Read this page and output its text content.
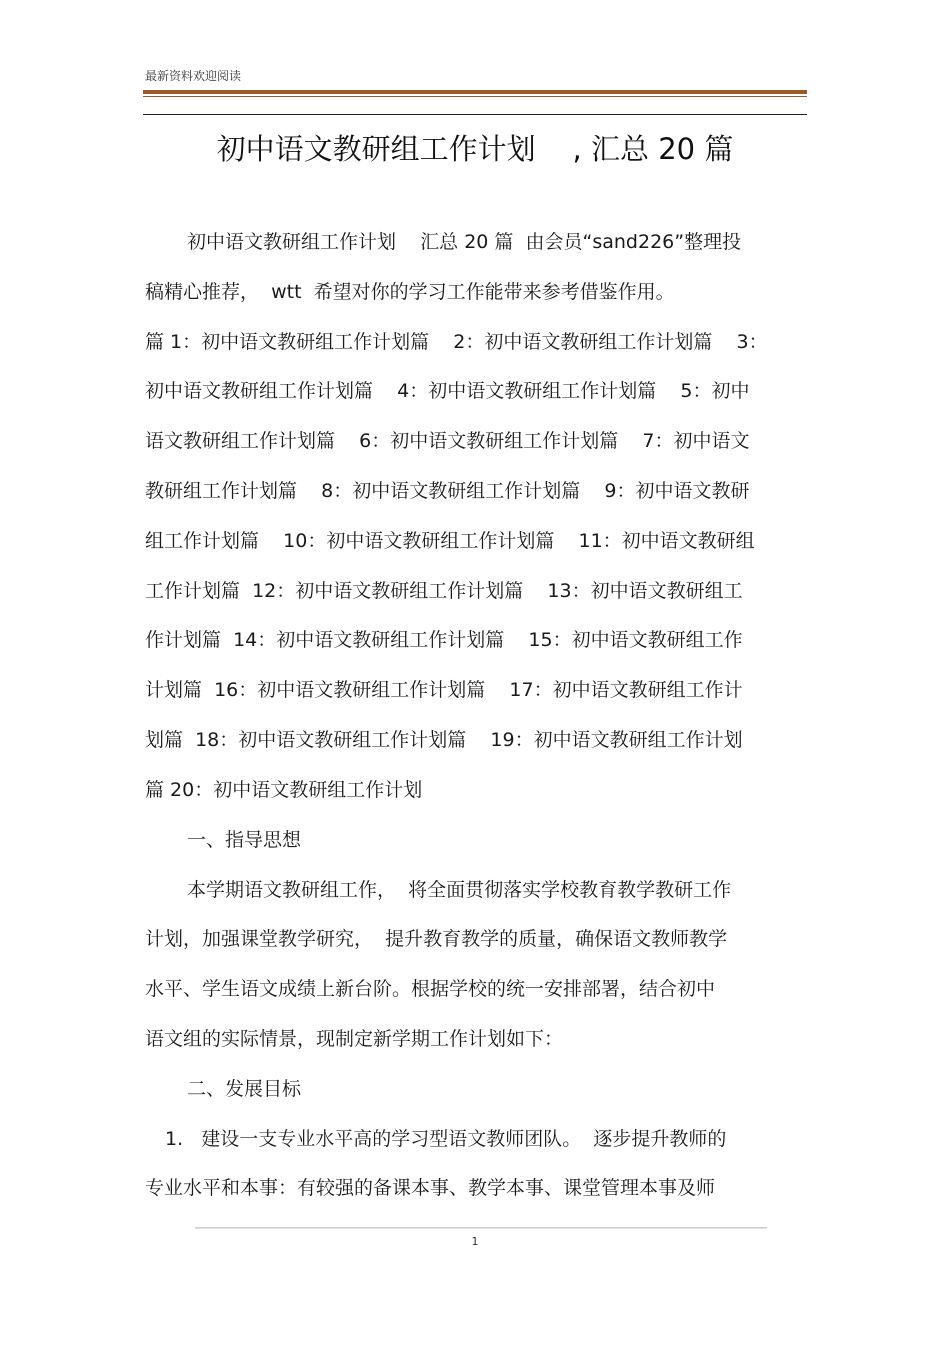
最新资料欢迎阅读
初中语文教研组工作计划    , 汇总 20 篇
初中语文教研组工作计划    汇总 20 篇  由会员“sand226”整理投
稿精心推荐，  wtt  希望对你的学习工作能带来参考借鉴作用。
篇 1：初中语文教研组工作计划篇    2：初中语文教研组工作计划篇    3：
初中语文教研组工作计划篇    4：初中语文教研组工作计划篇    5：初中
语文教研组工作计划篇    6：初中语文教研组工作计划篇    7：初中语文
教研组工作计划篇    8：初中语文教研组工作计划篇    9：初中语文教研
组工作计划篇    10：初中语文教研组工作计划篇    11：初中语文教研组
工作计划篇  12：初中语文教研组工作计划篇    13：初中语文教研组工
作计划篇  14：初中语文教研组工作计划篇    15：初中语文教研组工作
计划篇  16：初中语文教研组工作计划篇    17：初中语文教研组工作计
划篇  18：初中语文教研组工作计划篇    19：初中语文教研组工作计划
篇 20：初中语文教研组工作计划
一、指导思想
本学期语文教研组工作，  将全面贯彻落实学校教育教学教研工作
计划，加强课堂教学研究，  提升教育教学的质量，确保语文教师教学
水平、学生语文成绩上新台阶。根据学校的统一安排部署，结合初中
语文组的实际情景，现制定新学期工作计划如下：
二、发展目标
1.   建设一支专业水平高的学习型语文教师团队。  逐步提升教师的
专业水平和本事：有较强的备课本事、教学本事、课堂管理本事及师
1
